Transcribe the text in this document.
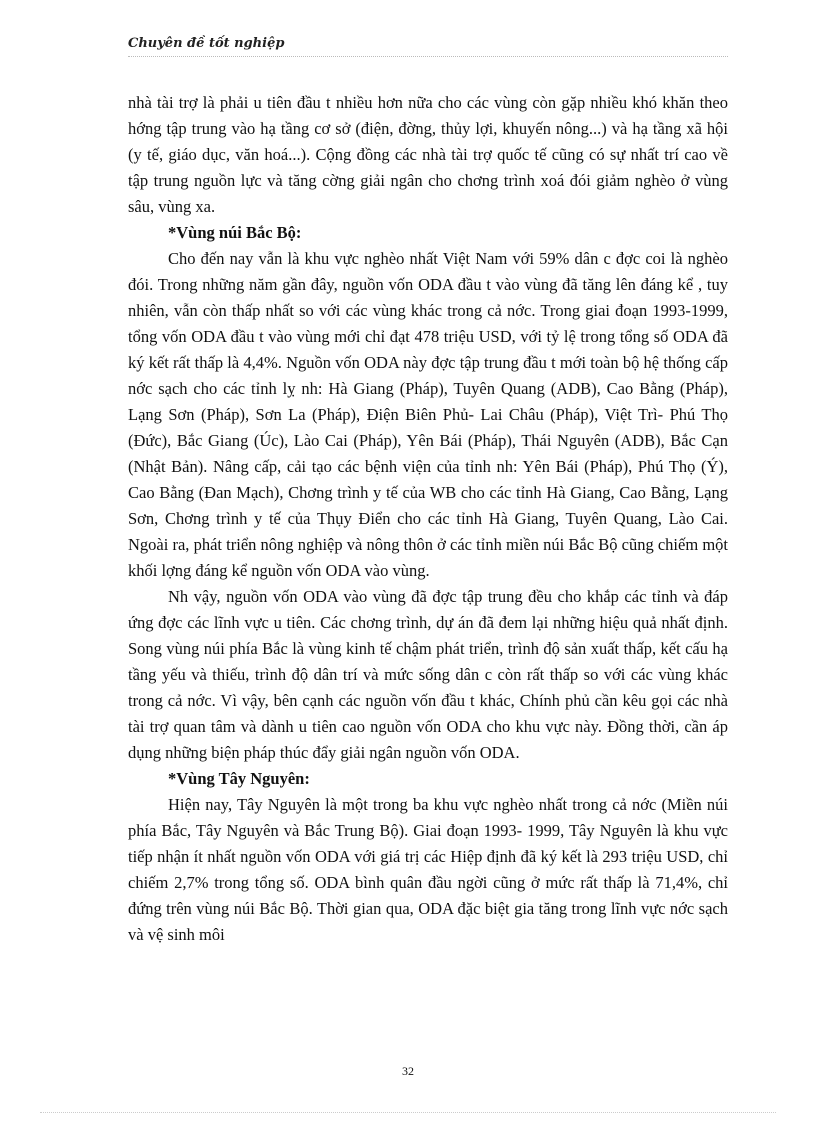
Chuyên đề tốt nghiệp

nhà tài trợ là phải u tiên đầu t nhiều hơn nữa cho các vùng còn gặp nhiều khó khăn theo hớng tập trung vào hạ tầng cơ sở (điện, đờng, thủy lợi, khuyến nông...) và hạ tầng xã hội (y tế, giáo dục, văn hoá...). Cộng đồng các nhà tài trợ quốc tế cũng có sự nhất trí cao về tập trung nguồn lực và tăng cờng giải ngân cho chơng trình xoá đói giảm nghèo ở vùng sâu, vùng xa.

*Vùng núi Bắc Bộ:

Cho đến nay vẫn là khu vực nghèo nhất Việt Nam với 59% dân c đợc coi là nghèo đói. Trong những năm gần đây, nguồn vốn ODA đầu t vào vùng đã tăng lên đáng kể , tuy nhiên, vẫn còn thấp nhất so với các vùng khác trong cả nớc. Trong giai đoạn 1993-1999, tổng vốn ODA đầu t vào vùng mới chỉ đạt 478 triệu USD, với tỷ lệ trong tổng số ODA đã ký kết rất thấp là 4,4%. Nguồn vốn ODA này đợc tập trung đầu t mới toàn bộ hệ thống cấp nớc sạch cho các tỉnh lỵ nh: Hà Giang (Pháp), Tuyên Quang (ADB), Cao Bằng (Pháp), Lạng Sơn (Pháp), Sơn La (Pháp), Điện Biên Phủ- Lai Châu (Pháp), Việt Trì- Phú Thọ (Đức), Bắc Giang (Úc), Lào Cai (Pháp), Yên Bái (Pháp), Thái Nguyên (ADB), Bắc Cạn (Nhật Bản). Nâng cấp, cải tạo các bệnh viện của tỉnh nh: Yên Bái (Pháp), Phú Thọ (Ý), Cao Bằng (Đan Mạch), Chơng trình y tế của WB cho các tỉnh Hà Giang, Cao Bằng, Lạng Sơn, Chơng trình y tế của Thụy Điển cho các tỉnh Hà Giang, Tuyên Quang, Lào Cai. Ngoài ra, phát triển nông nghiệp và nông thôn ở các tỉnh miền núi Bắc Bộ cũng chiếm một khối lợng đáng kể nguồn vốn ODA vào vùng.

Nh vậy, nguồn vốn ODA vào vùng đã đợc tập trung đều cho khắp các tỉnh và đáp ứng đợc các lĩnh vực u tiên. Các chơng trình, dự án đã đem lại những hiệu quả nhất định. Song vùng núi phía Bắc là vùng kinh tế chậm phát triển, trình độ sản xuất thấp, kết cấu hạ tầng yếu và thiếu, trình độ dân trí và mức sống dân c còn rất thấp so với các vùng khác trong cả nớc. Vì vậy, bên cạnh các nguồn vốn đầu t khác, Chính phủ cần kêu gọi các nhà tài trợ quan tâm và dành u tiên cao nguồn vốn ODA cho khu vực này. Đồng thời, cần áp dụng những biện pháp thúc đẩy giải ngân nguồn vốn ODA.

*Vùng Tây Nguyên:

Hiện nay, Tây Nguyên là một trong ba khu vực nghèo nhất trong cả nớc (Miền núi phía Bắc, Tây Nguyên và Bắc Trung Bộ). Giai đoạn 1993- 1999, Tây Nguyên là khu vực tiếp nhận ít nhất nguồn vốn ODA với giá trị các Hiệp định đã ký kết là 293 triệu USD, chỉ chiếm 2,7% trong tổng số. ODA bình quân đầu ngời cũng ở mức rất thấp là 71,4%, chỉ đứng trên vùng núi Bắc Bộ. Thời gian qua, ODA đặc biệt gia tăng trong lĩnh vực nớc sạch và vệ sinh môi

32
